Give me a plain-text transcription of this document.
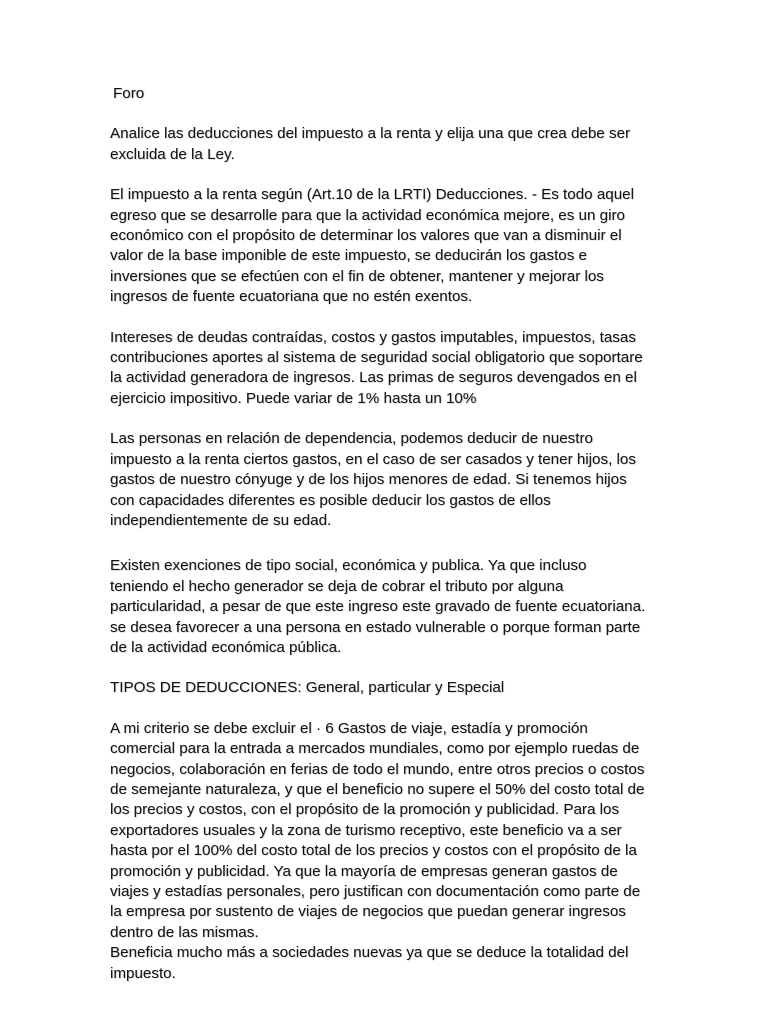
Foro

Analice las deducciones del impuesto a la renta y elija una que crea debe ser
excluida de la Ley.

El impuesto a la renta según (Art.10 de la LRTI) Deducciones. - Es todo aquel
egreso que se desarrolle para que la actividad económica mejore, es un giro
económico con el propósito de determinar los valores que van a disminuir el
valor de la base imponible de este impuesto, se deducirán los gastos e
inversiones que se efectúen con el fin de obtener, mantener y mejorar los
ingresos de fuente ecuatoriana que no estén exentos.

Intereses de deudas contraídas, costos y gastos imputables, impuestos, tasas
contribuciones aportes al sistema de seguridad social obligatorio que soportare
la actividad generadora de ingresos. Las primas de seguros devengados en el
ejercicio impositivo. Puede variar de 1% hasta un 10%

Las personas en relación de dependencia, podemos deducir de nuestro
impuesto a la renta ciertos gastos, en el caso de ser casados y tener hijos, los
gastos de nuestro cónyuge y de los hijos menores de edad. Si tenemos hijos
con capacidades diferentes es posible deducir los gastos de ellos
independientemente de su edad.

Existen exenciones de tipo social, económica y publica. Ya que incluso
teniendo el hecho generador se deja de cobrar el tributo por alguna
particularidad, a pesar de que este ingreso este gravado de fuente ecuatoriana.
se desea favorecer a una persona en estado vulnerable o porque forman parte
de la actividad económica pública.

TIPOS DE DEDUCCIONES: General, particular y Especial

A mi criterio se debe excluir el · 6 Gastos de viaje, estadía y promoción
comercial para la entrada a mercados mundiales, como por ejemplo ruedas de
negocios, colaboración en ferias de todo el mundo, entre otros precios o costos
de semejante naturaleza, y que el beneficio no supere el 50% del costo total de
los precios y costos, con el propósito de la promoción y publicidad. Para los
exportadores usuales y la zona de turismo receptivo, este beneficio va a ser
hasta por el 100% del costo total de los precios y costos con el propósito de la
promoción y publicidad. Ya que la mayoría de empresas generan gastos de
viajes y estadías personales, pero justifican con documentación como parte de
la empresa por sustento de viajes de negocios que puedan generar ingresos
dentro de las mismas.

Beneficia mucho más a sociedades nuevas ya que se deduce la totalidad del
impuesto.
